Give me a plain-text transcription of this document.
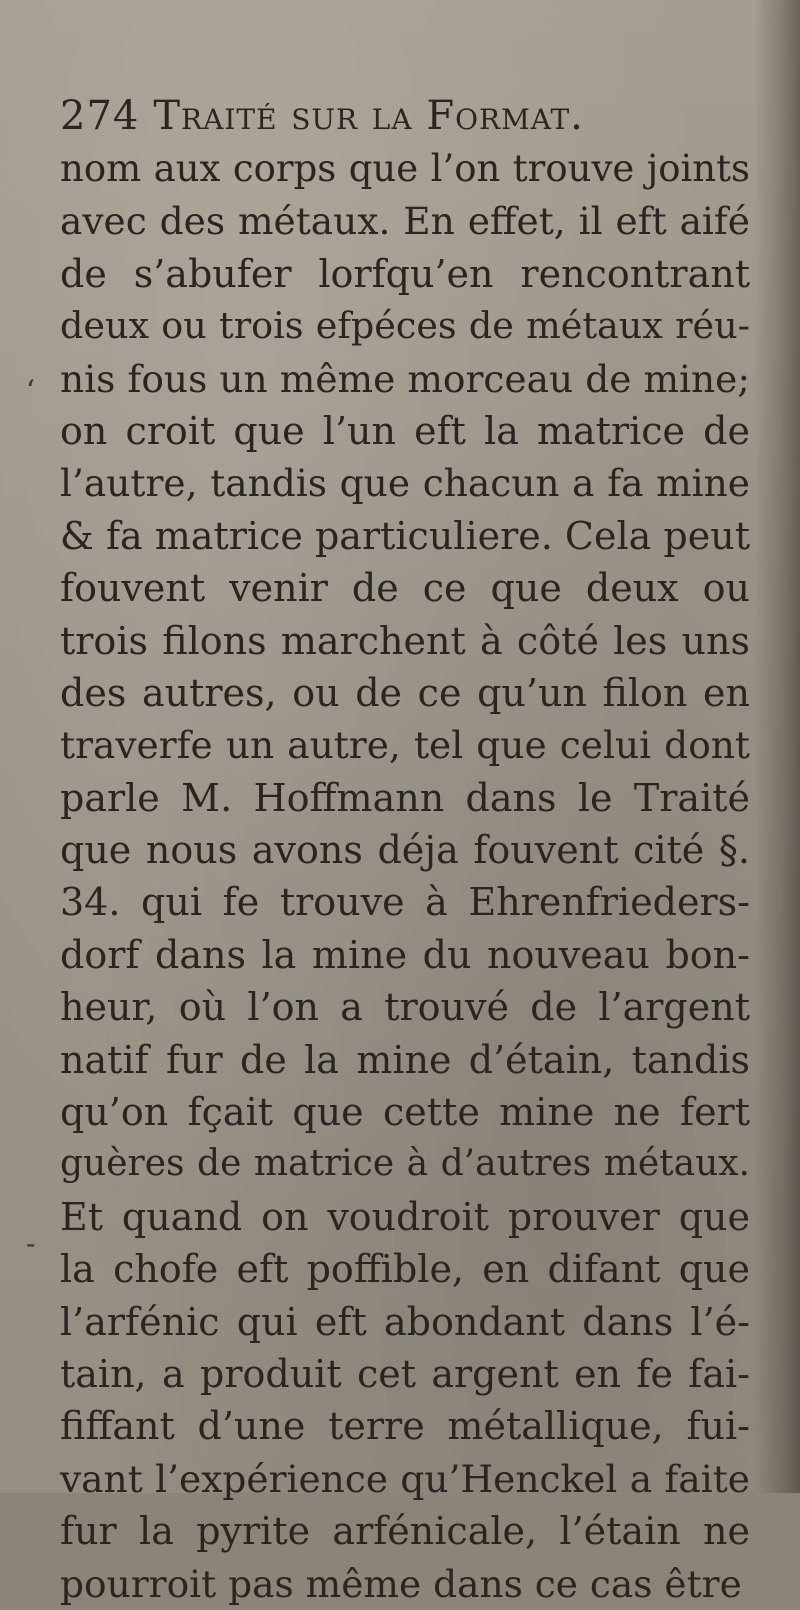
274 Traité sur la Format.
‘
-
nom aux corps que l’on trouve joints
avec des métaux. En effet, il eft aifé
de s’abufer lorfqu’en rencontrant
deux ou trois efpéces de métaux réu-
nis fous un même morceau de mine;
on croit que l’un eft la matrice de
l’autre, tandis que chacun a fa mine
& fa matrice particuliere. Cela peut
fouvent venir de ce que deux ou
trois filons marchent à côté les uns
des autres, ou de ce qu’un filon en
traverfe un autre, tel que celui dont
parle M. Hoffmann dans le Traité
que nous avons déja fouvent cité §.
34. qui fe trouve à Ehrenfrieders-
dorf dans la mine du nouveau bon-
heur, où l’on a trouvé de l’argent
natif fur de la mine d’étain, tandis
qu’on fçait que cette mine ne fert
guères de matrice à d’autres métaux.
Et quand on voudroit prouver que
la chofe eft poffible, en difant que
l’arfénic qui eft abondant dans l’é-
tain, a produit cet argent en fe fai-
fiffant d’une terre métallique, fui-
vant l’expérience qu’Henckel a faite
fur la pyrite arfénicale, l’étain ne
pourroit pas même dans ce cas être
